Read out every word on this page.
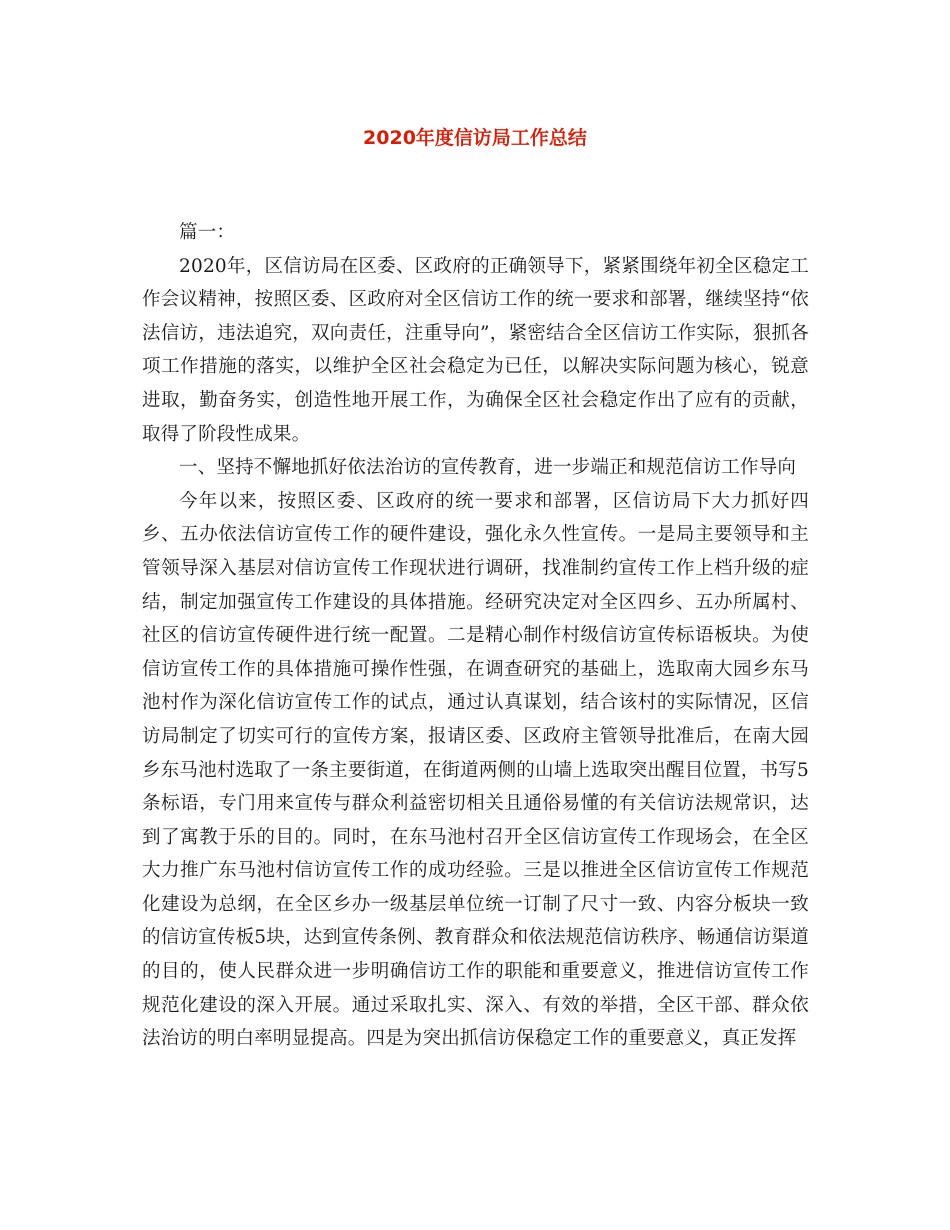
2020年度信访局工作总结

篇一：

2020年，区信访局在区委、区政府的正确领导下，紧紧围绕年初全区稳定工作会议精神，按照区委、区政府对全区信访工作的统一要求和部署，继续坚持“依法信访，违法追究，双向责任，注重导向”，紧密结合全区信访工作实际，狠抓各项工作措施的落实，以维护全区社会稳定为已任，以解决实际问题为核心，锐意进取，勤奋务实，创造性地开展工作，为确保全区社会稳定作出了应有的贡献，取得了阶段性成果。

一、坚持不懈地抓好依法治访的宣传教育，进一步端正和规范信访工作导向

今年以来，按照区委、区政府的统一要求和部署，区信访局下大力抓好四乡、五办依法信访宣传工作的硬件建设，强化永久性宣传。一是局主要领导和主管领导深入基层对信访宣传工作现状进行调研，找准制约宣传工作上档升级的症结，制定加强宣传工作建设的具体措施。经研究决定对全区四乡、五办所属村、社区的信访宣传硬件进行统一配置。二是精心制作村级信访宣传标语板块。为使信访宣传工作的具体措施可操作性强，在调查研究的基础上，选取南大园乡东马池村作为深化信访宣传工作的试点，通过认真谋划，结合该村的实际情况，区信访局制定了切实可行的宣传方案，报请区委、区政府主管领导批准后，在南大园乡东马池村选取了一条主要街道，在街道两侧的山墙上选取突出醒目位置，书写5条标语，专门用来宣传与群众利益密切相关且通俗易懂的有关信访法规常识，达到了寓教于乐的目的。同时，在东马池村召开全区信访宣传工作现场会，在全区大力推广东马池村信访宣传工作的成功经验。三是以推进全区信访宣传工作规范化建设为总纲，在全区乡办一级基层单位统一订制了尺寸一致、内容分板块一致的信访宣传板5块，达到宣传条例、教育群众和依法规范信访秩序、畅通信访渠道的目的，使人民群众进一步明确信访工作的职能和重要意义，推进信访宣传工作规范化建设的深入开展。通过采取扎实、深入、有效的举措，全区干部、群众依法治访的明白率明显提高。四是为突出抓信访保稳定工作的重要意义，真正发挥
